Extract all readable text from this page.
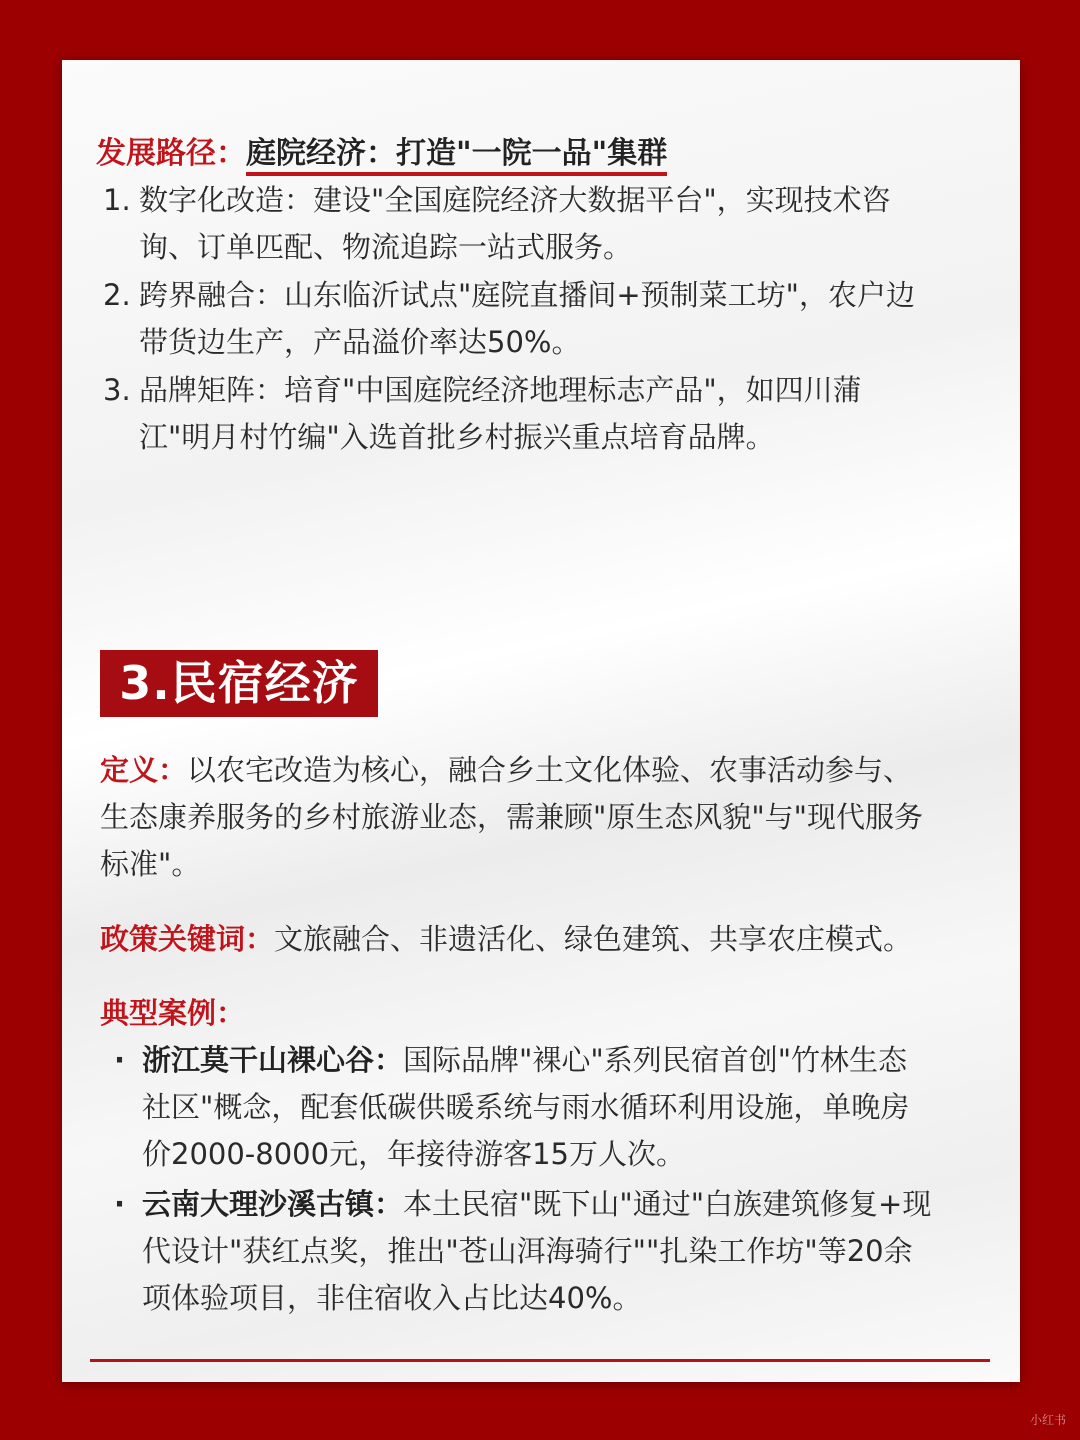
发展路径：庭院经济：打造"一院一品"集群
1. 数字化改造：建设"全国庭院经济大数据平台"，实现技术咨
询、订单匹配、物流追踪一站式服务。
2. 跨界融合：山东临沂试点"庭院直播间+预制菜工坊"，农户边
带货边生产，产品溢价率达50%。
3. 品牌矩阵：培育"中国庭院经济地理标志产品"，如四川蒲
江"明月村竹编"入选首批乡村振兴重点培育品牌。
3.民宿经济
定义：以农宅改造为核心，融合乡土文化体验、农事活动参与、
生态康养服务的乡村旅游业态，需兼顾"原生态风貌"与"现代服务
标准"。
政策关键词：文旅融合、非遗活化、绿色建筑、共享农庄模式。
典型案例：
· 浙江莫干山裸心谷：国际品牌"裸心"系列民宿首创"竹林生态
社区"概念，配套低碳供暖系统与雨水循环利用设施，单晚房
价2000-8000元，年接待游客15万人次。
· 云南大理沙溪古镇：本土民宿"既下山"通过"白族建筑修复+现
代设计"获红点奖，推出"苍山洱海骑行""扎染工作坊"等20余
项体验项目，非住宿收入占比达40%。
小红书
